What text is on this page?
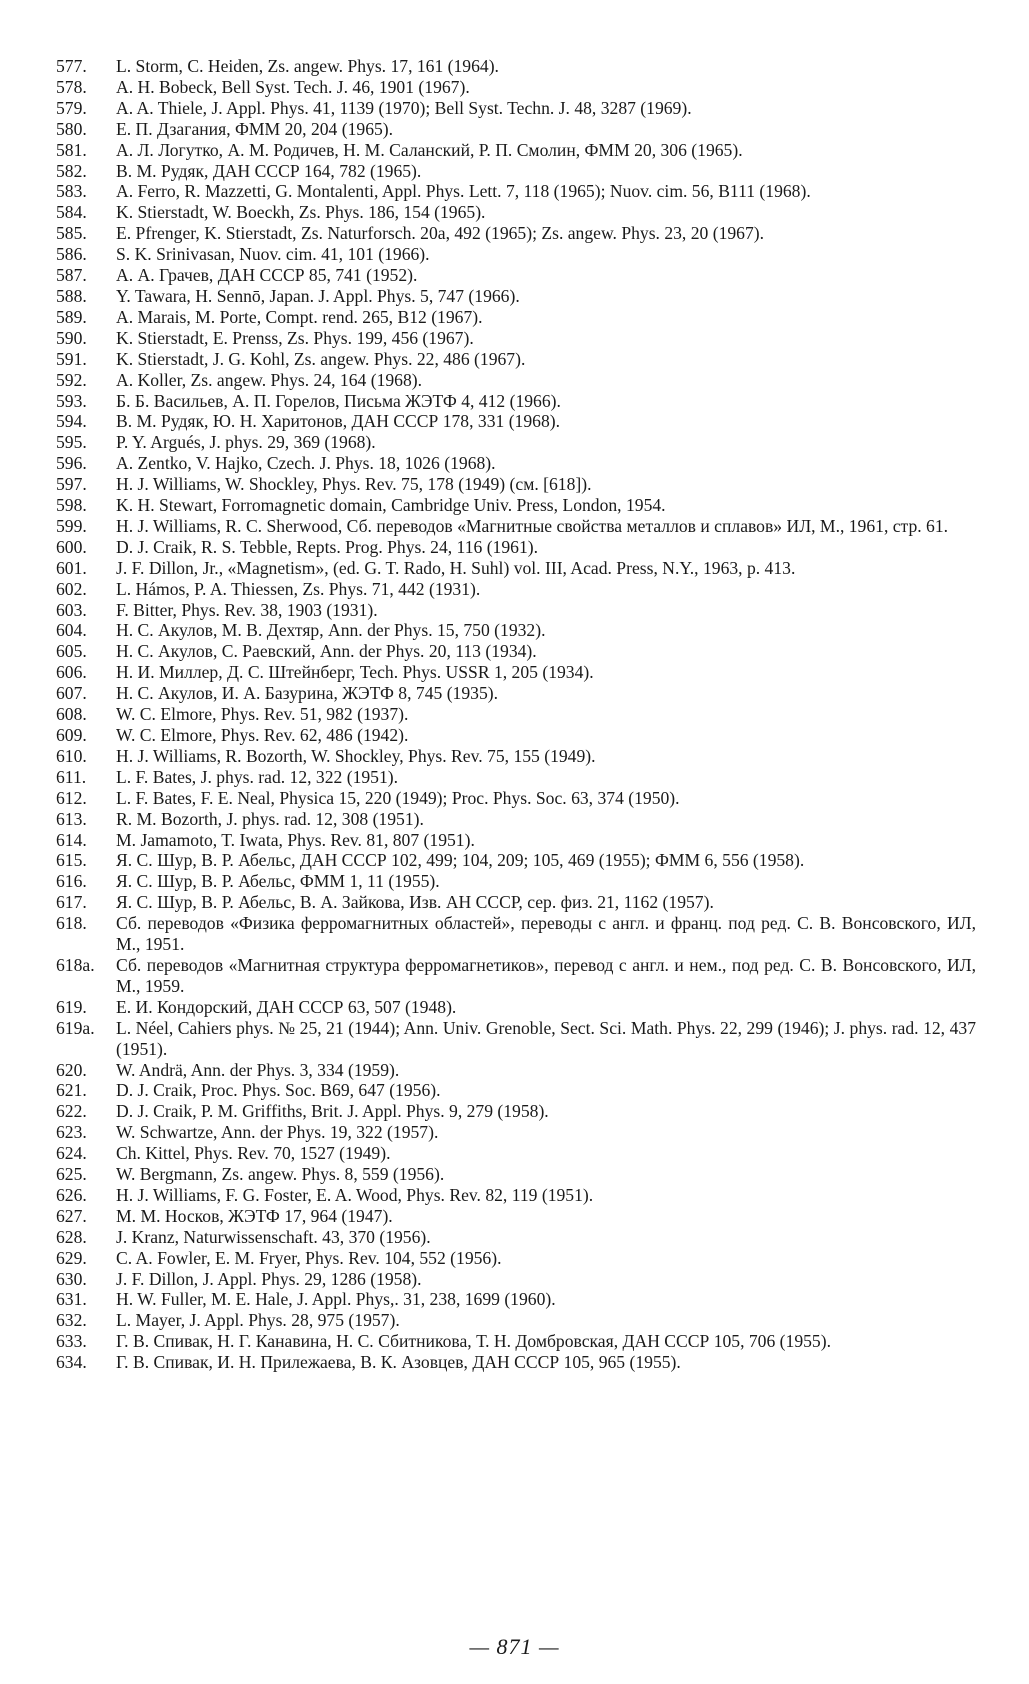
577.	L. Storm, C. Heiden, Zs. angew. Phys. 17, 161 (1964).
578.	A. H. Bobeck, Bell Syst. Tech. J. 46, 1901 (1967).
579.	A. A. Thiele, J. Appl. Phys. 41, 1139 (1970); Bell Syst. Techn. J. 48, 3287 (1969).
580.	Е. П. Дзагания, ФММ 20, 204 (1965).
581.	А. Л. Логутко, А. М. Родичев, Н. М. Саланский, Р. П. Смолин, ФММ 20, 306 (1965).
582.	В. М. Рудяк, ДАН СССР 164, 782 (1965).
583.	A. Ferro, R. Mazzetti, G. Montalenti, Appl. Phys. Lett. 7, 118 (1965); Nuov. cim. 56, B111 (1968).
584.	K. Stierstadt, W. Boeckh, Zs. Phys. 186, 154 (1965).
585.	E. Pfrenger, K. Stierstadt, Zs. Naturforsch. 20a, 492 (1965); Zs. angew. Phys. 23, 20 (1967).
586.	S. K. Srinivasan, Nuov. cim. 41, 101 (1966).
587.	А. А. Грачев, ДАН СССР 85, 741 (1952).
588.	Y. Tawara, H. Sennō, Japan. J. Appl. Phys. 5, 747 (1966).
589.	A. Marais, M. Porte, Compt. rend. 265, B12 (1967).
590.	K. Stierstadt, E. Prenss, Zs. Phys. 199, 456 (1967).
591.	K. Stierstadt, J. G. Kohl, Zs. angew. Phys. 22, 486 (1967).
592.	A. Koller, Zs. angew. Phys. 24, 164 (1968).
593.	Б. Б. Васильев, А. П. Горелов, Письма ЖЭТФ 4, 412 (1966).
594.	В. М. Рудяк, Ю. Н. Харитонов, ДАН СССР 178, 331 (1968).
595.	P. Y. Argués, J. phys. 29, 369 (1968).
596.	A. Zentko, V. Hajko, Czech. J. Phys. 18, 1026 (1968).
597.	H. J. Williams, W. Shockley, Phys. Rev. 75, 178 (1949) (см. [618]).
598.	K. H. Stewart, Forromagnetic domain, Cambridge Univ. Press, London, 1954.
599.	H. J. Williams, R. C. Sherwood, Сб. переводов «Магнитные свойства металлов и сплавов» ИЛ, М., 1961, стр. 61.
600.	D. J. Craik, R. S. Tebble, Repts. Prog. Phys. 24, 116 (1961).
601.	J. F. Dillon, Jr., «Magnetism», (ed. G. T. Rado, H. Suhl) vol. III, Acad. Press, N.Y., 1963, p. 413.
602.	L. Hámos, P. A. Thiessen, Zs. Phys. 71, 442 (1931).
603.	F. Bitter, Phys. Rev. 38, 1903 (1931).
604.	Н. С. Акулов, М. В. Дехтяр, Ann. der Phys. 15, 750 (1932).
605.	Н. С. Акулов, С. Раевский, Ann. der Phys. 20, 113 (1934).
606.	Н. И. Миллер, Д. С. Штейнберг, Tech. Phys. USSR 1, 205 (1934).
607.	Н. С. Акулов, И. А. Базурина, ЖЭТФ 8, 745 (1935).
608.	W. C. Elmore, Phys. Rev. 51, 982 (1937).
609.	W. C. Elmore, Phys. Rev. 62, 486 (1942).
610.	H. J. Williams, R. Bozorth, W. Shockley, Phys. Rev. 75, 155 (1949).
611.	L. F. Bates, J. phys. rad. 12, 322 (1951).
612.	L. F. Bates, F. E. Neal, Physica 15, 220 (1949); Proc. Phys. Soc. 63, 374 (1950).
613.	R. M. Bozorth, J. phys. rad. 12, 308 (1951).
614.	M. Jamamoto, T. Iwata, Phys. Rev. 81, 807 (1951).
615.	Я. С. Шур, В. Р. Абельс, ДАН СССР 102, 499; 104, 209; 105, 469 (1955); ФММ 6, 556 (1958).
616.	Я. С. Шур, В. Р. Абельс, ФММ 1, 11 (1955).
617.	Я. С. Шур, В. Р. Абельс, В. А. Зайкова, Изв. АН СССР, сер. физ. 21, 1162 (1957).
618.	Сб. переводов «Физика ферромагнитных областей», переводы с англ. и франц. под ред. С. В. Вонсовского, ИЛ, М., 1951.
618a.	Сб. переводов «Магнитная структура ферромагнетиков», перевод с англ. и нем., под ред. С. В. Вонсовского, ИЛ, М., 1959.
619.	Е. И. Кондорский, ДАН СССР 63, 507 (1948).
619a.	L. Néel, Cahiers phys. № 25, 21 (1944); Ann. Univ. Grenoble, Sect. Sci. Math. Phys. 22, 299 (1946); J. phys. rad. 12, 437 (1951).
620.	W. Andrä, Ann. der Phys. 3, 334 (1959).
621.	D. J. Craik, Proc. Phys. Soc. B69, 647 (1956).
622.	D. J. Craik, P. M. Griffiths, Brit. J. Appl. Phys. 9, 279 (1958).
623.	W. Schwartze, Ann. der Phys. 19, 322 (1957).
624.	Ch. Kittel, Phys. Rev. 70, 1527 (1949).
625.	W. Bergmann, Zs. angew. Phys. 8, 559 (1956).
626.	H. J. Williams, F. G. Foster, E. A. Wood, Phys. Rev. 82, 119 (1951).
627.	М. М. Носков, ЖЭТФ 17, 964 (1947).
628.	J. Kranz, Naturwissenschaft. 43, 370 (1956).
629.	C. A. Fowler, E. M. Fryer, Phys. Rev. 104, 552 (1956).
630.	J. F. Dillon, J. Appl. Phys. 29, 1286 (1958).
631.	H. W. Fuller, M. E. Hale, J. Appl. Phys,. 31, 238, 1699 (1960).
632.	L. Mayer, J. Appl. Phys. 28, 975 (1957).
633.	Г. В. Спивак, Н. Г. Канавина, Н. С. Сбитникова, Т. Н. Домбровская, ДАН СССР 105, 706 (1955).
634.	Г. В. Спивак, И. Н. Прилежаева, В. К. Азовцев, ДАН СССР 105, 965 (1955).
— 871 —
